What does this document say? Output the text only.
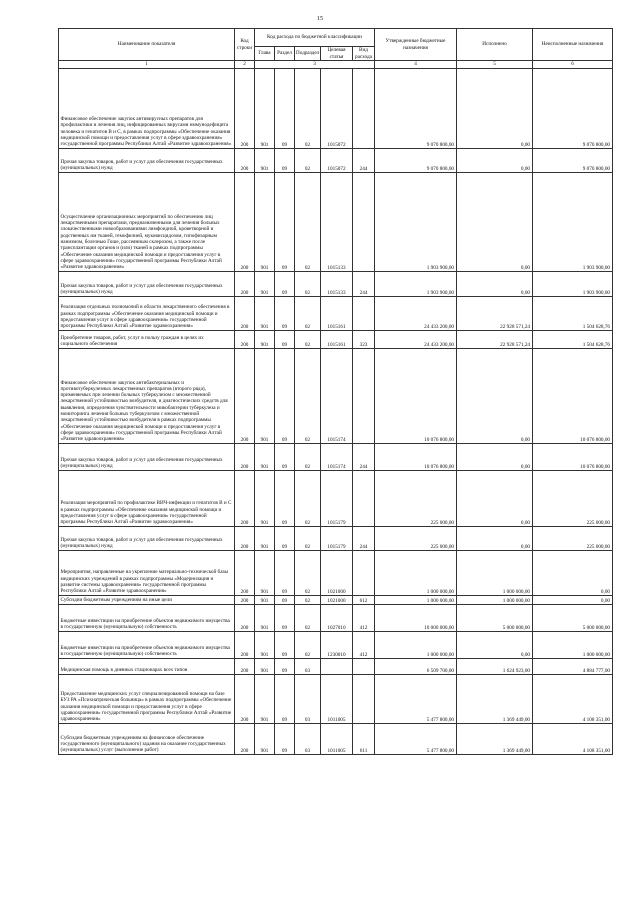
15
Наименование показателя	Код строки	Код расхода по бюджетной классификации					Утвержденные бюджетные назначения	Исполнено	Неисполненные назначения
		Глава	Раздел	Подраздел	Целевая статья	Вид расхода			
1	2	3					4	5	6
Финансовое обеспечение закупок антивирусных препаратов для профилактики и лечения лиц, инфицированных вирусами иммунодефицита человека и гепатитов В и С, в рамках подпрограммы «Обеспечение оказания медицинской помощи и предоставления услуг в сфере здравоохранения» государственной программы Республики Алтай «Развитие здравоохранения»	200	901	09	02	1015072		9 070 800,00	0,00	9 070 800,00
Прочая закупка товаров, работ и услуг для обеспечения государственных (муниципальных) нужд	200	901	09	02	1015072	244	9 070 800,00	0,00	9 070 800,00
Осуществление организационных мероприятий по обеспечению лиц лекарственными препаратами, предназначенными для лечения больных злокачественными новообразованиями лимфоидной, кроветворной и родственных им тканей, гемофилией, муковисцидозом, гипофизарным нанизмом, болезнью Гоше, рассеянным склерозом, а также после трансплантации органов и (или) тканей в рамках подпрограммы «Обеспечение оказания медицинской помощи и предоставления услуг в сфере здравоохранения» государственной программы Республики Алтай «Развитие здравоохранения»	200	901	09	02	1015133		1 903 900,00	0,00	1 903 900,00
Прочая закупка товаров, работ и услуг для обеспечения государственных (муниципальных) нужд	200	901	09	02	1015133	244	1 903 900,00	0,00	1 903 900,00
Реализация отдельных полномочий в области лекарственного обеспечения в рамках подпрограммы «Обеспечение оказания медицинской помощи и предоставления услуг в сфере здравоохранения» государственной программы Республики Алтай «Развитие здравоохранения»	200	901	09	02	1015161		24 433 200,00	22 928 571,24	1 504 628,76
Приобретение товаров, работ, услуг в пользу граждан в целях их социального обеспечения	200	901	09	02	1015161	323	24 433 200,00	22 928 571,24	1 504 628,76
Финансовое обеспечение закупок антибактериальных и противотуберкулезных лекарственных препаратов (второго ряда), применяемых при лечении больных туберкулезом с множественной лекарственной устойчивостью возбудителя, и диагностических средств для выявления, определения чувствительности микобактерии туберкулеза и мониторинга лечения больных туберкулезом с множественной лекарственной устойчивостью возбудителя в рамках подпрограммы «Обеспечение оказания медицинской помощи и предоставления услуг в сфере здравоохранения» государственной программы Республики Алтай «Развитие здравоохранения»	200	901	09	02	1015174		10 076 800,00	0,00	10 076 800,00
Прочая закупка товаров, работ и услуг для обеспечения государственных (муниципальных) нужд	200	901	09	02	1015174	244	10 076 800,00	0,00	10 076 800,00
Реализация мероприятий по профилактике ВИЧ-инфекции и гепатитов В и С в рамках подпрограммы «Обеспечение оказания медицинской помощи и предоставления услуг в сфере здравоохранения» государственной программы Республики Алтай «Развитие здравоохранения»	200	901	09	02	1015179		225 000,00	0,00	225 000,00
Прочая закупка товаров, работ и услуг для обеспечения государственных (муниципальных) нужд	200	901	09	02	1015179	244	225 000,00	0,00	225 000,00
Мероприятия, направленные на укрепление материально-технической базы медицинских учреждений в рамках подпрограммы «Модернизация и развитие системы здравоохранения» государственной программы Республики Алтай «Развитие здравоохранения»	200	901	09	02	1021000		1 000 000,00	1 000 000,00	0,00
Субсидии бюджетным учреждениям на иные цели	200	901	09	02	1021000	612	1 000 000,00	1 000 000,00	0,00
Бюджетные инвестиции на приобретение объектов недвижимого имущества в государственную (муниципальную) собственность	200	901	09	02	1027010	412	10 000 000,00	5 000 000,00	5 000 000,00
Бюджетные инвестиции на приобретение объектов недвижимого имущества в государственную (муниципальную) собственность	200	901	09	02	1230010	412	1 000 000,00	0,00	1 000 000,00
Медицинская помощь в дневных стационарах всех типов	200	901	09	03			6 509 700,00	1 624 923,00	4 884 777,00
Предоставление медицинских услуг специализированной помощи на базе БУЗ РА «Психиатрическая больница» в рамках подпрограммы «Обеспечение оказания медицинской помощи и предоставления услуг в сфере здравоохранения» государственной программы Республики Алтай «Развитие здравоохранения»	200	901	09	03	1011005		5 477 800,00	1 369 449,00	4 108 351,00
Субсидии бюджетным учреждениям на финансовое обеспечение государственного (муниципального) задания на оказание государственных (муниципальных) услуг (выполнение работ)	200	901	09	03	1011005	611	5 477 800,00	1 369 449,00	4 108 351,00
